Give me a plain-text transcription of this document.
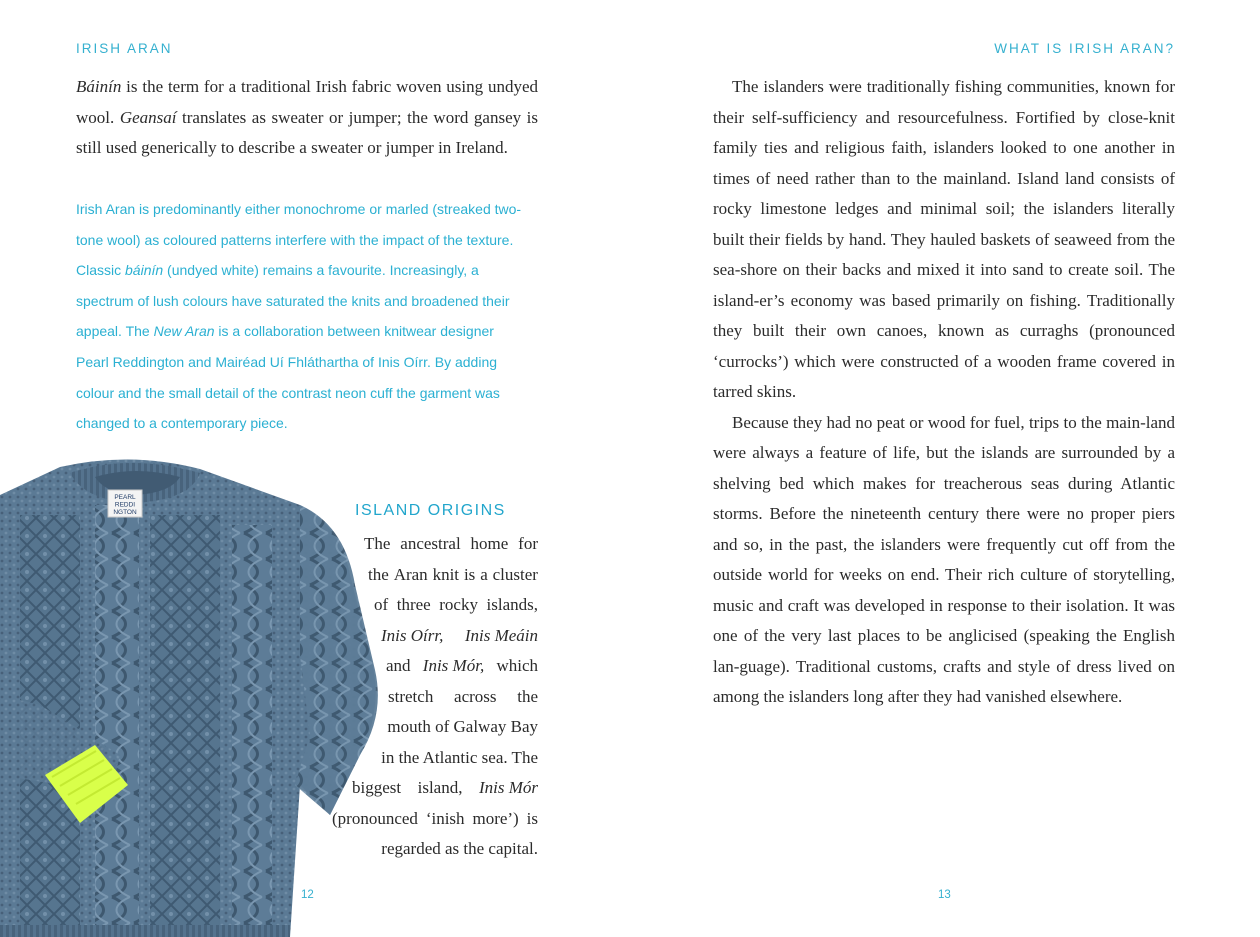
IRISH ARAN

Báinín is the term for a traditional Irish fabric woven using undyed wool. Geansaí translates as sweater or jumper; the word gansey is still used generically to describe a sweater or jumper in Ireland.

Irish Aran is predominantly either monochrome or marled (streaked two-tone wool) as coloured patterns interfere with the impact of the texture. Classic báinín (undyed white) remains a favourite. Increasingly, a spectrum of lush colours have saturated the knits and broadened their appeal. The New Aran is a collaboration between knitwear designer Pearl Reddington and Mairéad Uí Fhláthartha of Inis Oírr. By adding colour and the small detail of the contrast neon cuff the garment was changed to a contemporary piece.

PEARL
REDDI
NGTON	ISLAND ORIGINS
The ancestral home for
the Aran knit is a cluster
of three rocky islands,
Inis Oírr, Inis Meáin
and Inis Mór, which
stretch across the
mouth of Galway Bay
in the Atlantic sea. The
biggest island, Inis Mór
(pronounced ‘inish more’) is
regarded as the capital.
12
WHAT IS IRISH ARAN?

The islanders were traditionally fishing communities, known for their self-sufficiency and resourcefulness. Fortified by close-knit family ties and religious faith, islanders looked to one another in times of need rather than to the mainland. Island land consists of rocky limestone ledges and minimal soil; the islanders literally built their fields by hand. They hauled baskets of seaweed from the sea-shore on their backs and mixed it into sand to create soil. The island-er’s economy was based primarily on fishing. Traditionally they built their own canoes, known as curraghs (pronounced ‘currocks’) which were constructed of a wooden frame covered in tarred skins.

Because they had no peat or wood for fuel, trips to the main-land were always a feature of life, but the islands are surrounded by a shelving bed which makes for treacherous seas during Atlantic storms. Before the nineteenth century there were no proper piers and so, in the past, the islanders were frequently cut off from the outside world for weeks on end. Their rich culture of storytelling, music and craft was developed in response to their isolation. It was one of the very last places to be anglicised (speaking the English lan-guage). Traditional customs, crafts and style of dress lived on among the islanders long after they had vanished elsewhere.

13
